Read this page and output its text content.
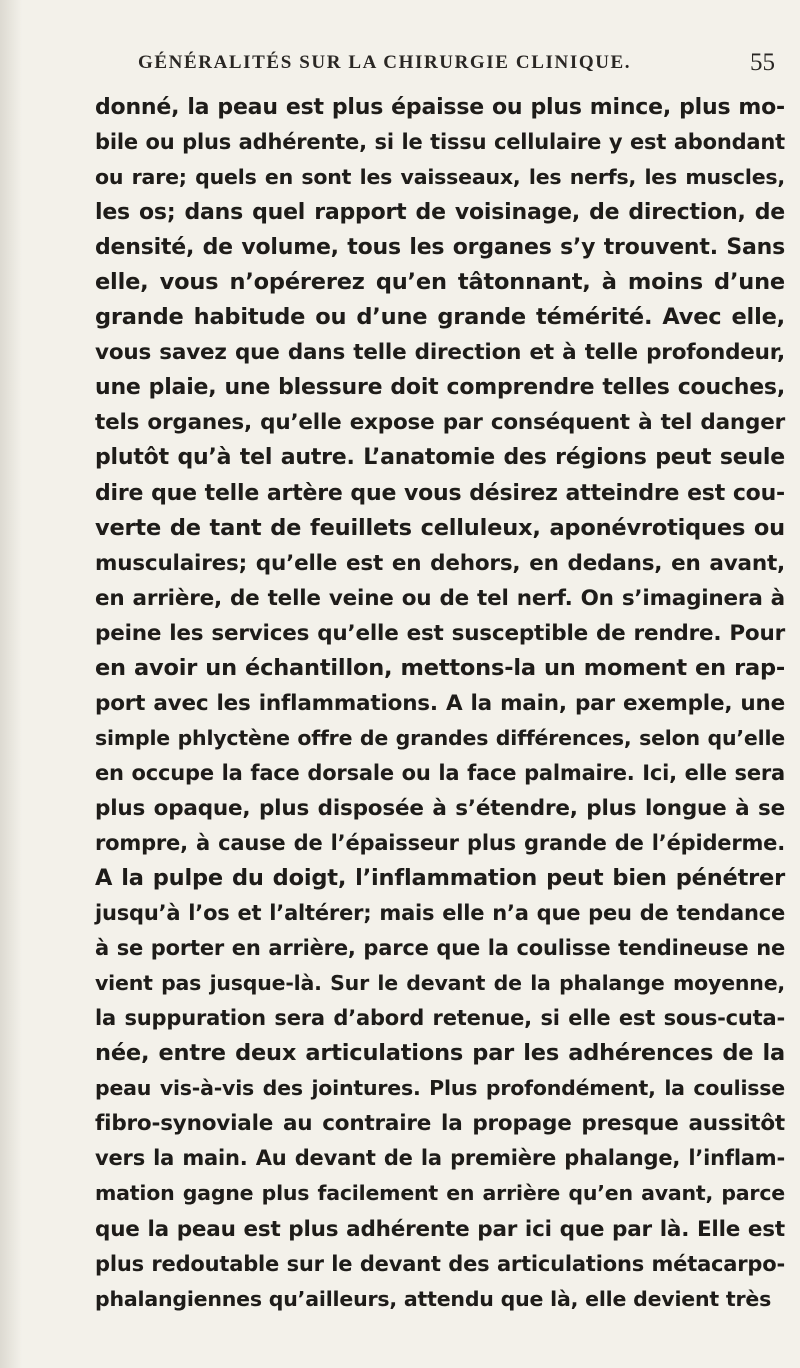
GÉNÉRALITÉS SUR LA CHIRURGIE CLINIQUE.	55
donné, la peau est plus épaisse ou plus mince, plus mo-
bile ou plus adhérente, si le tissu cellulaire y est abondant
ou rare; quels en sont les vaisseaux, les nerfs, les muscles,
les os; dans quel rapport de voisinage, de direction, de
densité, de volume, tous les organes s’y trouvent. Sans
elle, vous n’opérerez qu’en tâtonnant, à moins d’une
grande habitude ou d’une grande témérité. Avec elle,
vous savez que dans telle direction et à telle profondeur,
une plaie, une blessure doit comprendre telles couches,
tels organes, qu’elle expose par conséquent à tel danger
plutôt qu’à tel autre. L’anatomie des régions peut seule
dire que telle artère que vous désirez atteindre est cou-
verte de tant de feuillets celluleux, aponévrotiques ou
musculaires; qu’elle est en dehors, en dedans, en avant,
en arrière, de telle veine ou de tel nerf. On s’imaginera à
peine les services qu’elle est susceptible de rendre. Pour
en avoir un échantillon, mettons-la un moment en rap-
port avec les inflammations. A la main, par exemple, une
simple phlyctène offre de grandes différences, selon qu’elle
en occupe la face dorsale ou la face palmaire. Ici, elle sera
plus opaque, plus disposée à s’étendre, plus longue à se
rompre, à cause de l’épaisseur plus grande de l’épiderme.
A la pulpe du doigt, l’inflammation peut bien pénétrer
jusqu’à l’os et l’altérer; mais elle n’a que peu de tendance
à se porter en arrière, parce que la coulisse tendineuse ne
vient pas jusque-là. Sur le devant de la phalange moyenne,
la suppuration sera d’abord retenue, si elle est sous-cuta-
née, entre deux articulations par les adhérences de la
peau vis-à-vis des jointures. Plus profondément, la coulisse
fibro-synoviale au contraire la propage presque aussitôt
vers la main. Au devant de la première phalange, l’inflam-
mation gagne plus facilement en arrière qu’en avant, parce
que la peau est plus adhérente par ici que par là. Elle est
plus redoutable sur le devant des articulations métacarpo-
phalangiennes qu’ailleurs, attendu que là, elle devient très
